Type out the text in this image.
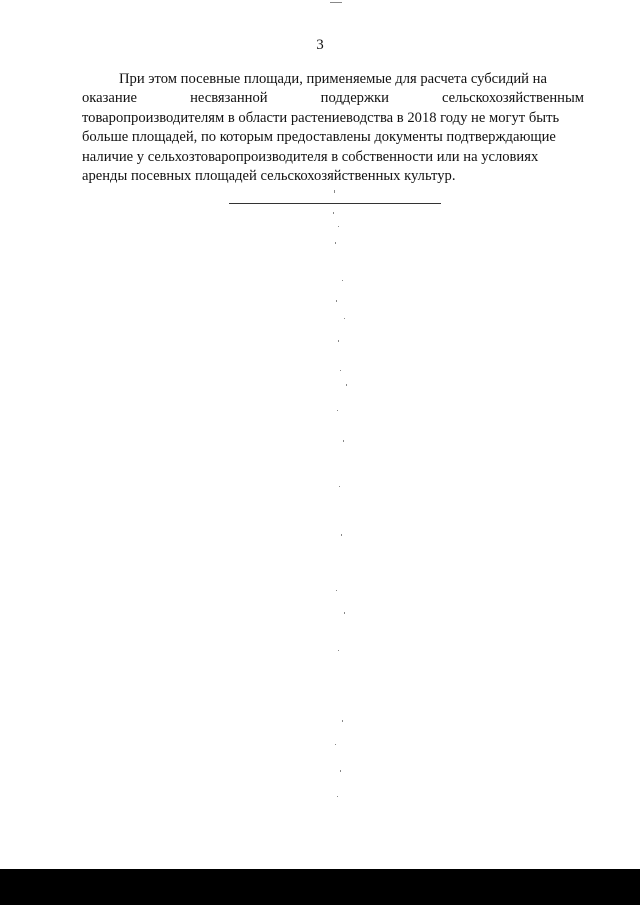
3
При этом посевные площади, применяемые для расчета субсидий на
оказание	несвязанной	поддержки	сельскохозяйственным
товаропроизводителям в области растениеводства в 2018 году не могут быть
больше площадей, по которым предоставлены документы подтверждающие
наличие у сельхозтоваропроизводителя в собственности или на условиях
аренды посевных площадей сельскохозяйственных культур.
